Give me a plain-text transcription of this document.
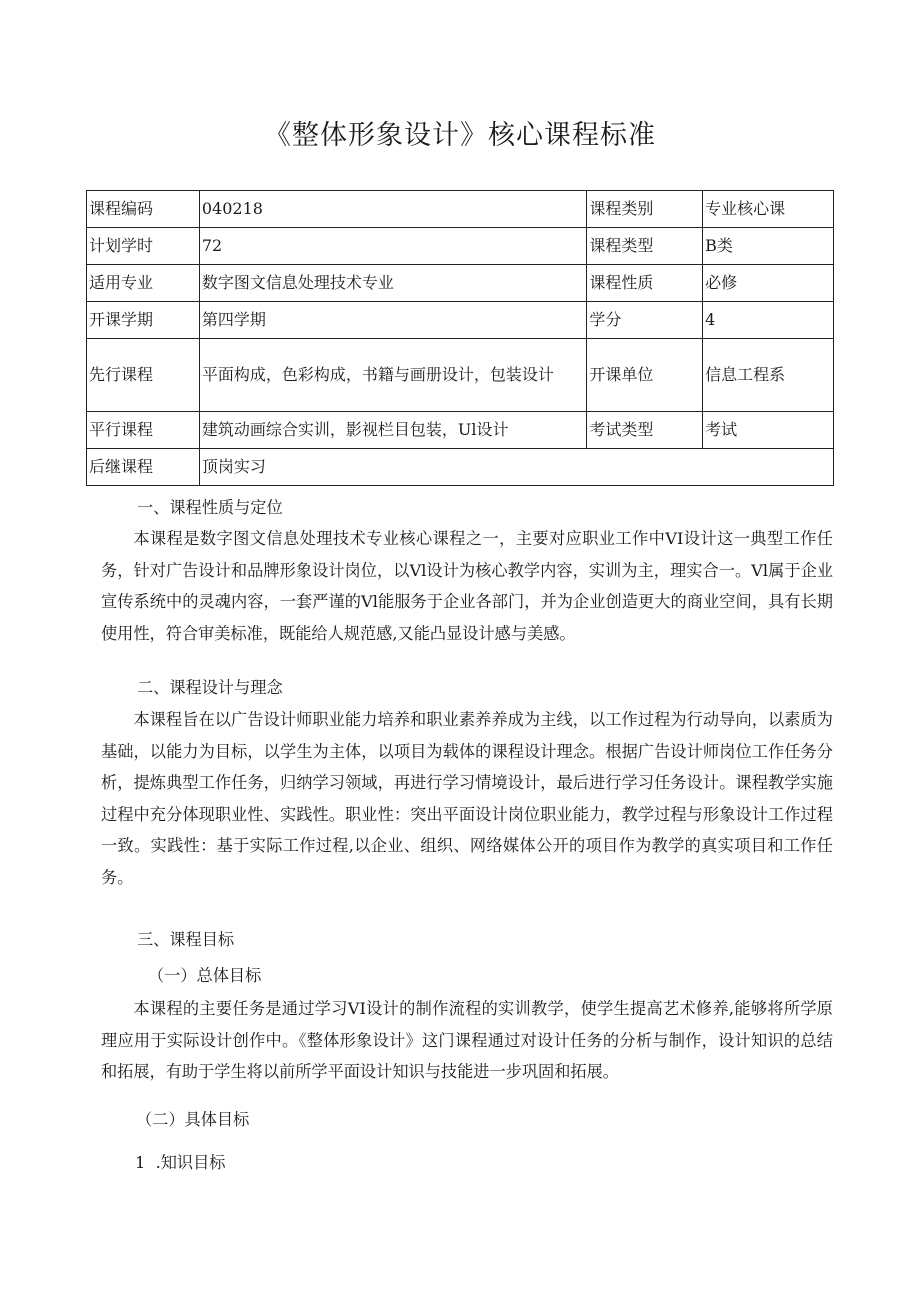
《整体形象设计》核心课程标准
课程编码	040218	课程类别	专业核心课
计划学时	72	课程类型	B类
适用专业	数字图文信息处理技术专业	课程性质	必修
开课学期	第四学期	学分	4
先行课程	平面构成，色彩构成，书籍与画册设计，包装设计	开课单位	信息工程系
平行课程	建筑动画综合实训，影视栏目包装，Ul设计	考试类型	考试
后继课程	顶岗实习		
一、课程性质与定位
本课程是数字图文信息处理技术专业核心课程之一，主要对应职业工作中VI设计这一典型工作任务，针对广告设计和品牌形象设计岗位，以Vl设计为核心教学内容，实训为主，理实合一。Vl属于企业宣传系统中的灵魂内容，一套严谨的Vl能服务于企业各部门，并为企业创造更大的商业空间，具有长期使用性，符合审美标准，既能给人规范感,又能凸显设计感与美感。
二、课程设计与理念
本课程旨在以广告设计师职业能力培养和职业素养养成为主线，以工作过程为行动导向，以素质为基础，以能力为目标，以学生为主体，以项目为载体的课程设计理念。根据广告设计师岗位工作任务分析，提炼典型工作任务，归纳学习领域，再进行学习情境设计，最后进行学习任务设计。课程教学实施过程中充分体现职业性、实践性。职业性：突出平面设计岗位职业能力，教学过程与形象设计工作过程一致。实践性：基于实际工作过程,以企业、组织、网络媒体公开的项目作为教学的真实项目和工作任务。
三、课程目标
（一）总体目标
本课程的主要任务是通过学习VI设计的制作流程的实训教学，使学生提高艺术修养,能够将所学原理应用于实际设计创作中。《整体形象设计》这门课程通过对设计任务的分析与制作，设计知识的总结和拓展，有助于学生将以前所学平面设计知识与技能进一步巩固和拓展。
（二）具体目标
1  .知识目标
